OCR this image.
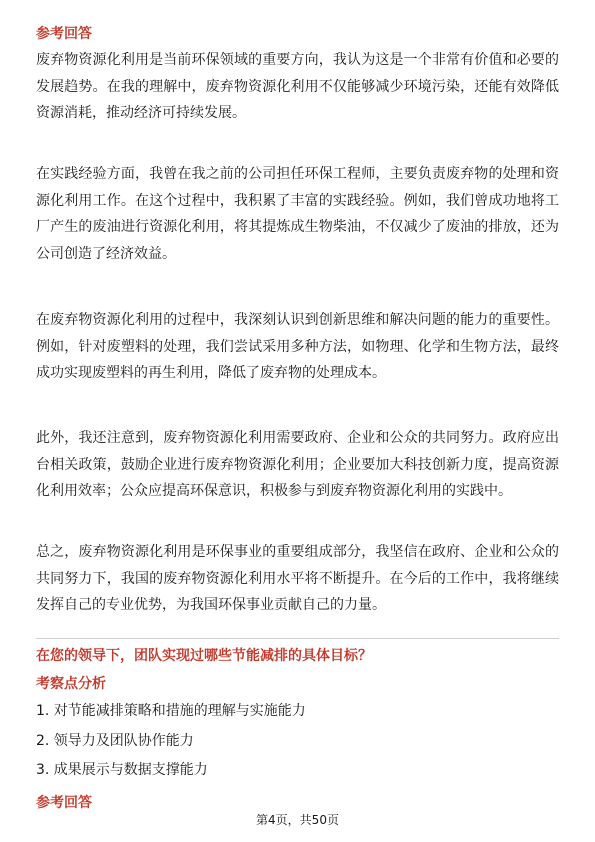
参考回答
废弃物资源化利用是当前环保领域的重要方向，我认为这是一个非常有价值和必要的发展趋势。在我的理解中，废弃物资源化利用不仅能够减少环境污染，还能有效降低资源消耗，推动经济可持续发展。
在实践经验方面，我曾在我之前的公司担任环保工程师，主要负责废弃物的处理和资源化利用工作。在这个过程中，我积累了丰富的实践经验。例如，我们曾成功地将工厂产生的废油进行资源化利用，将其提炼成生物柴油，不仅减少了废油的排放，还为公司创造了经济效益。
在废弃物资源化利用的过程中，我深刻认识到创新思维和解决问题的能力的重要性。例如，针对废塑料的处理，我们尝试采用多种方法，如物理、化学和生物方法，最终成功实现废塑料的再生利用，降低了废弃物的处理成本。
此外，我还注意到，废弃物资源化利用需要政府、企业和公众的共同努力。政府应出台相关政策，鼓励企业进行废弃物资源化利用；企业要加大科技创新力度，提高资源化利用效率；公众应提高环保意识，积极参与到废弃物资源化利用的实践中。
总之，废弃物资源化利用是环保事业的重要组成部分，我坚信在政府、企业和公众的共同努力下，我国的废弃物资源化利用水平将不断提升。在今后的工作中，我将继续发挥自己的专业优势，为我国环保事业贡献自己的力量。
在您的领导下，团队实现过哪些节能减排的具体目标？
考察点分析
1. 对节能减排策略和措施的理解与实施能力
2. 领导力及团队协作能力
3. 成果展示与数据支撑能力
参考回答
第4页，共50页
